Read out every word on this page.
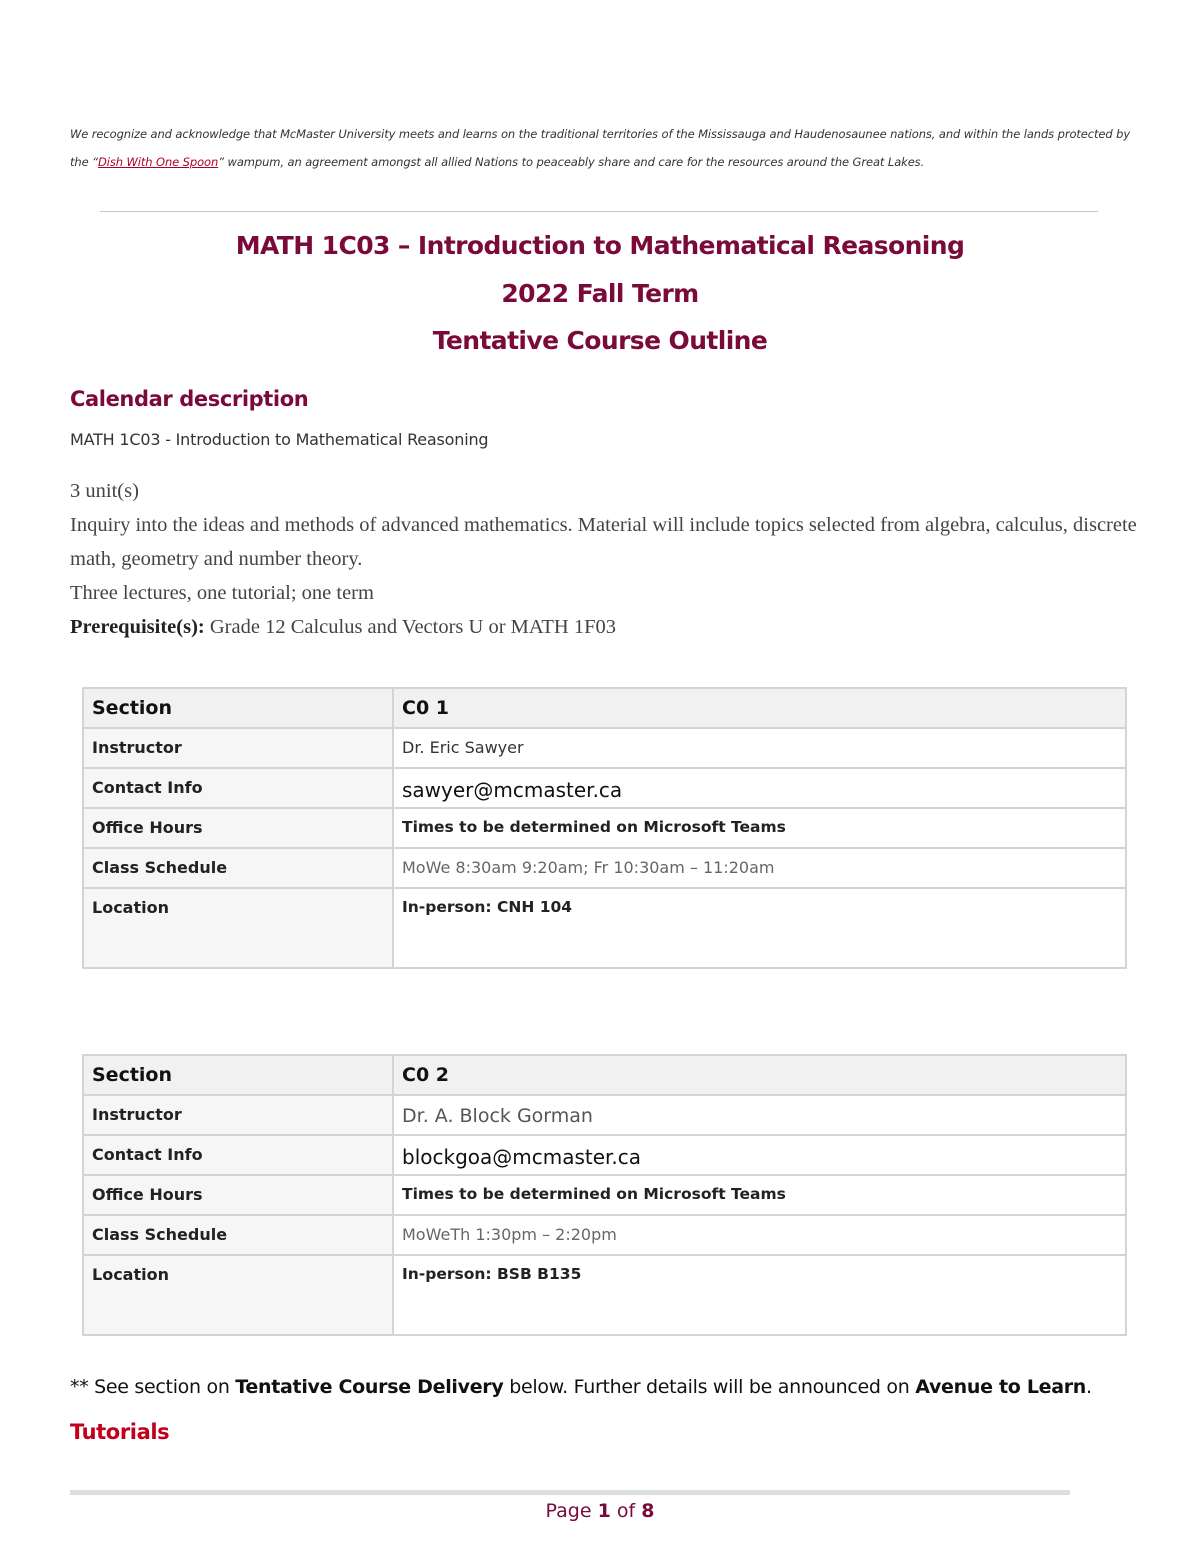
We recognize and acknowledge that McMaster University meets and learns on the traditional territories of the Mississauga and Haudenosaunee nations, and within the lands protected by the “Dish With One Spoon” wampum, an agreement amongst all allied Nations to peaceably share and care for the resources around the Great Lakes.

MATH 1C03 – Introduction to Mathematical Reasoning
2022 Fall Term
Tentative Course Outline
Calendar description

MATH 1C03 - Introduction to Mathematical Reasoning

3 unit(s)

Inquiry into the ideas and methods of advanced mathematics. Material will include topics selected from algebra, calculus, discrete math, geometry and number theory.

Three lectures, one tutorial; one term

Prerequisite(s): Grade 12 Calculus and Vectors U or MATH 1F03

Section	C0 1
Instructor	Dr. Eric Sawyer
Contact Info	sawyer@mcmaster.ca
Office Hours	Times to be determined on Microsoft Teams
Class Schedule	MoWe 8:30am 9:20am; Fr 10:30am – 11:20am
Location	In-person: CNH 104
Section	C0 2
Instructor	Dr. A. Block Gorman
Contact Info	blockgoa@mcmaster.ca
Office Hours	Times to be determined on Microsoft Teams
Class Schedule	MoWeTh 1:30pm – 2:20pm
Location	In-person: BSB B135

** See section on Tentative Course Delivery below. Further details will be announced on Avenue to Learn.

Tutorials

Page 1 of 8
